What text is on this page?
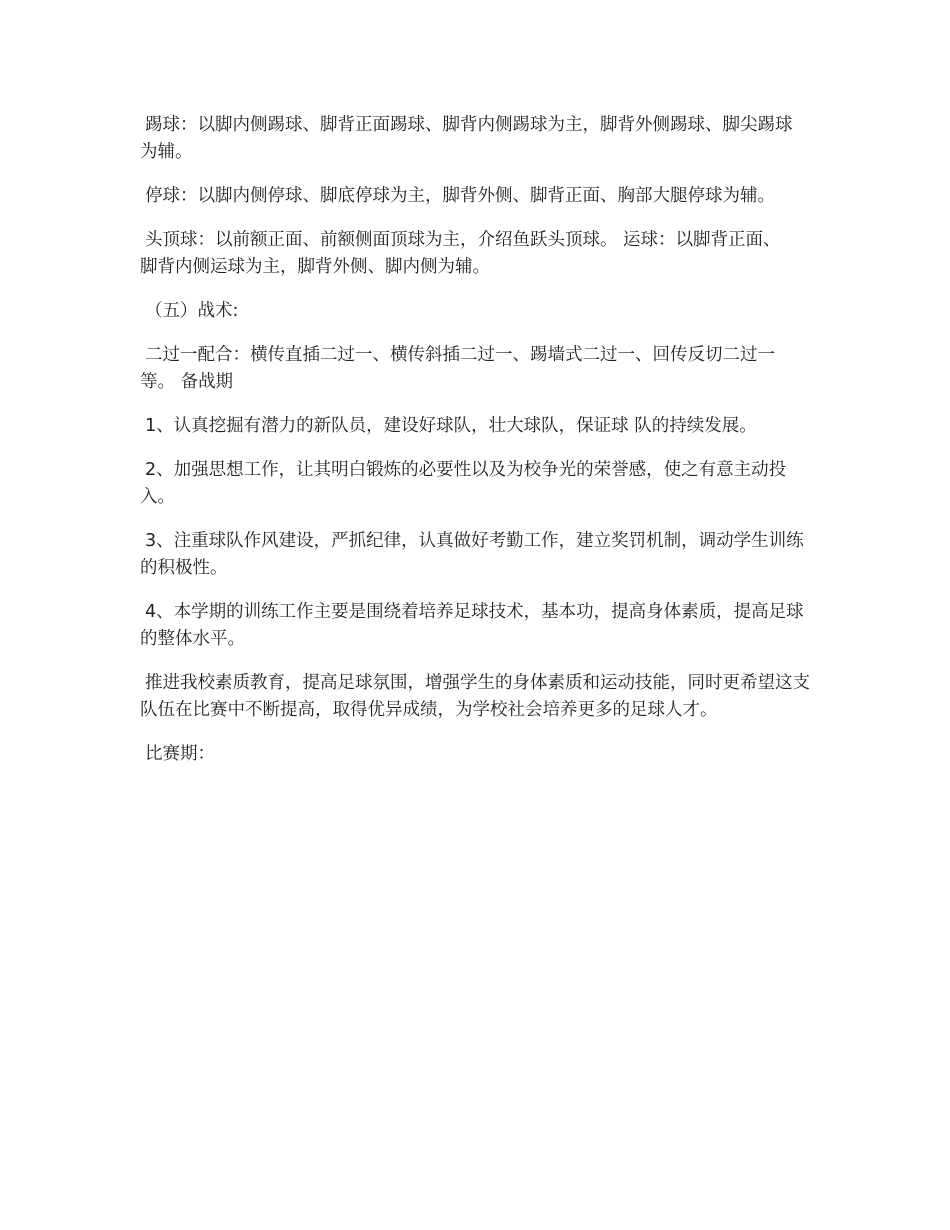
踢球：以脚内侧踢球、脚背正面踢球、脚背内侧踢球为主，脚背外侧踢球、脚尖踢球为辅。

停球：以脚内侧停球、脚底停球为主，脚背外侧、脚背正面、胸部大腿停球为辅。

头顶球：以前额正面、前额侧面顶球为主，介绍鱼跃头顶球。 运球：以脚背正面、脚背内侧运球为主，脚背外侧、脚内侧为辅。

（五）战术:

二过一配合：横传直插二过一、横传斜插二过一、踢墙式二过一、回传反切二过一等。 备战期

1、认真挖掘有潜力的新队员，建设好球队，壮大球队，保证球 队的持续发展。

2、加强思想工作，让其明白锻炼的必要性以及为校争光的荣誉感，使之有意主动投入。

3、注重球队作风建设，严抓纪律，认真做好考勤工作，建立奖罚机制，调动学生训练的积极性。

4、本学期的训练工作主要是围绕着培养足球技术，基本功，提高身体素质，提高足球的整体水平。

推进我校素质教育，提高足球氛围，增强学生的身体素质和运动技能，同时更希望这支队伍在比赛中不断提高，取得优异成绩，为学校社会培养更多的足球人才。

比赛期：
